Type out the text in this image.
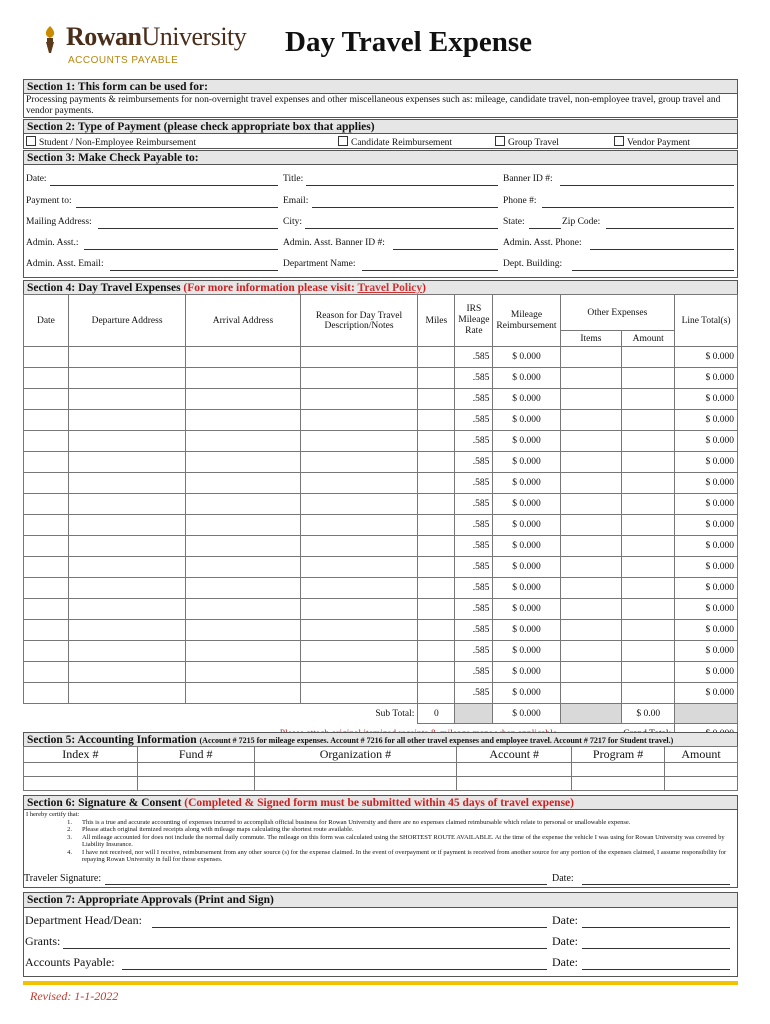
RowanUniversity
ACCOUNTS PAYABLE
Day Travel Expense
Section 1: This form can be used for:
Processing payments & reimbursements for non-overnight travel expenses and other miscellaneous expenses such as: mileage, candidate travel, non-employee travel, group travel and vendor payments.
Section 2: Type of Payment (please check appropriate box that applies)
Student / Non-Employee Reimbursement	Candidate Reimbursement	Group Travel	Vendor Payment
Section 3: Make Check Payable to:
Date:	Title:	Banner ID #:
Payment to:	Email:	Phone #:
Mailing Address:	City:	State:	Zip Code:
Admin. Asst.:	Admin. Asst. Banner ID #:	Admin. Asst. Phone:
Admin. Asst. Email:	Department Name:	Dept. Building:
Section 4: Day Travel Expenses (For more information please visit: Travel Policy)
Date	Departure Address	Arrival Address	Reason for Day Travel Description/Notes	Miles	IRS Mileage Rate	Mileage Reimbursement	Other Expenses		Line Total(s)
							Items	Amount	
					.585	$ 0.000			$ 0.000
					.585	$ 0.000			$ 0.000
					.585	$ 0.000			$ 0.000
					.585	$ 0.000			$ 0.000
					.585	$ 0.000			$ 0.000
					.585	$ 0.000			$ 0.000
					.585	$ 0.000			$ 0.000
					.585	$ 0.000			$ 0.000
					.585	$ 0.000			$ 0.000
					.585	$ 0.000			$ 0.000
					.585	$ 0.000			$ 0.000
					.585	$ 0.000			$ 0.000
					.585	$ 0.000			$ 0.000
					.585	$ 0.000			$ 0.000
					.585	$ 0.000			$ 0.000
					.585	$ 0.000			$ 0.000
					.585	$ 0.000			$ 0.000
Sub Total:				0		$ 0.000		$ 0.00	

Section 5: Accounting Information (Account # 7215 for mileage expenses. Account # 7216 for all other travel expenses and employee travel. Account # 7217 for Student travel.)
Index #	Fund #	Organization #	Account #	Program #	Amount

Section 6: Signature & Consent (Completed & Signed form must be submitted within 45 days of travel expense)
I hereby certify that:
1.	This is a true and accurate accounting of expenses incurred to accomplish official business for Rowan University and there are no expenses claimed reimbursable which relate to personal or unallowable expense.
2.	Please attach original itemized receipts along with mileage maps calculating the shortest route available.
3.	All mileage accounted for does not include the normal daily commute. The mileage on this form was calculated using the SHORTEST ROUTE AVAILABLE. At the time of the expense the vehicle I was using for Rowan University was covered by Liability Insurance.
4.	I have not received, nor will I receive, reimbursement from any other source (s) for the expense claimed. In the event of overpayment or if payment is received from another source for any portion of the expenses claimed, I assume responsibility for repaying Rowan University in full for those expenses.
Traveler Signature:	Date:
Section 7: Appropriate Approvals (Print and Sign)
Department Head/Dean:	Date:
Grants:	Date:
Accounts Payable:	Date:
Revised: 1-1-2022
